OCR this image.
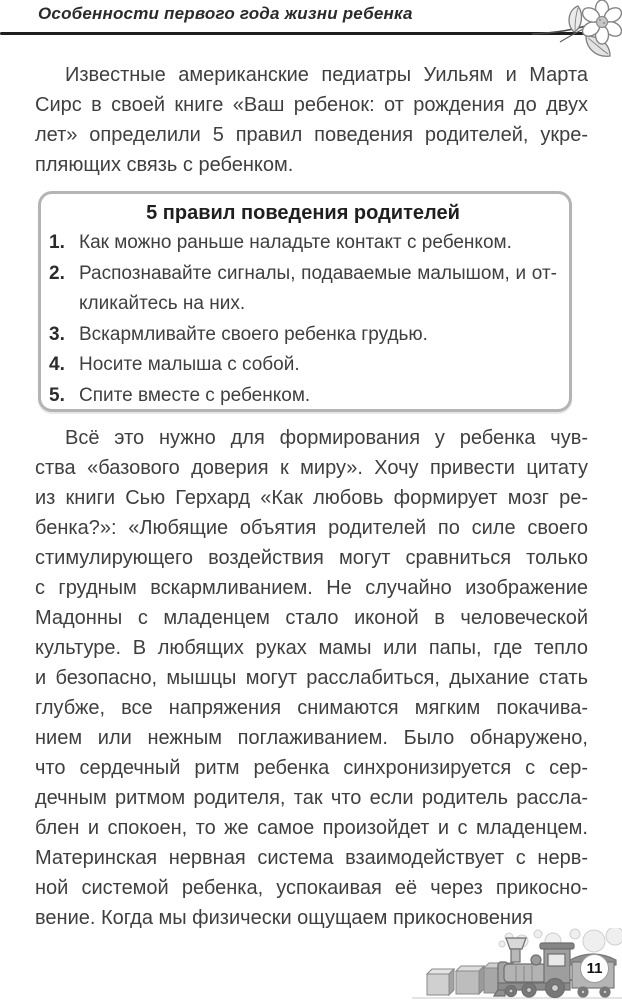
Особенности первого года жизни ребенка
Известные американские педиатры Уильям и Марта
Сирс в своей книге «Ваш ребенок: от рождения до двух
лет» определили 5 правил поведения родителей, укре-
пляющих связь с ребенком.
5 правил поведения родителей
1. Как можно раньше наладьте контакт с ребенком.
2. Распознавайте сигналы, подаваемые малышом, и от-
кликайтесь на них.
3. Вскармливайте своего ребенка грудью.
4. Носите малыша с собой.
5. Спите вместе с ребенком.
Всё это нужно для формирования у ребенка чув-
ства «базового доверия к миру». Хочу привести цитату
из книги Сью Герхард «Как любовь формирует мозг ре-
бенка?»: «Любящие объятия родителей по силе своего
стимулирующего воздействия могут сравниться только
с грудным вскармливанием. Не случайно изображение
Мадонны с младенцем стало иконой в человеческой
культуре. В любящих руках мамы или папы, где тепло
и безопасно, мышцы могут расслабиться, дыхание стать
глубже, все напряжения снимаются мягким покачива-
нием или нежным поглаживанием. Было обнаружено,
что сердечный ритм ребенка синхронизируется с сер-
дечным ритмом родителя, так что если родитель рассла-
блен и спокоен, то же самое произойдет и с младенцем.
Материнская нервная система взаимодействует с нерв-
ной системой ребенка, успокаивая её через прикосно-
вение. Когда мы физически ощущаем прикосновения
11
